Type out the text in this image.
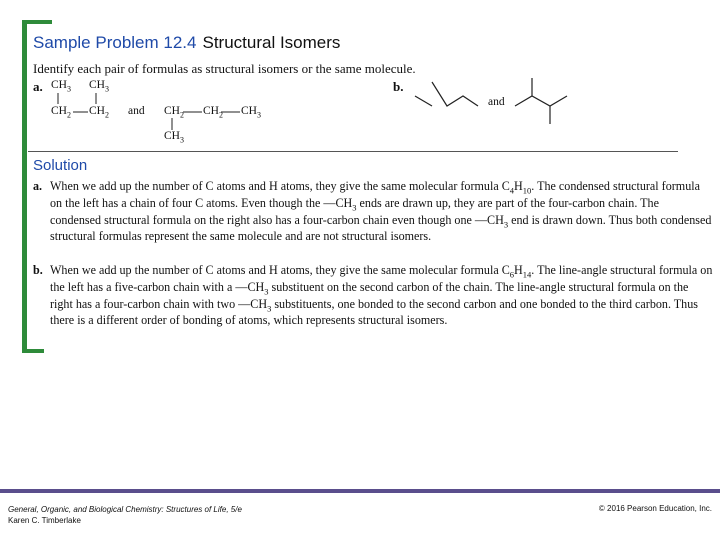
Sample Problem 12.4 Structural Isomers
Identify each pair of formulas as structural isomers or the same molecule.
a. $CH_3$ $CH_3$
$CH_2$ $CH_2$ and $CH_2$ $CH_2$ $CH_3$
$CH_3$
b.
and
Solution
a. When we add up the number of C atoms and H atoms, they give the same molecular formula $C_4H_{10}$. The condensed structural formula on the left has a chain of four C atoms. Even though the $—CH_3$ ends are drawn up, they are part of the four-carbon chain. The condensed structural formula on the right also has a four-carbon chain even though one $—CH_3$ end is drawn down. Thus both condensed structural formulas represent the same molecule and are not structural isomers.
b. When we add up the number of C atoms and H atoms, they give the same molecular formula $C_6H_{14}$. The line-angle structural formula on the left has a five-carbon chain with a $—CH_3$ substituent on the second carbon of the chain. The line-angle structural formula on the right has a four-carbon chain with two $—CH_3$ substituents, one bonded to the second carbon and one bonded to the third carbon. Thus there is a different order of bonding of atoms, which represents structural isomers.
General, Organic, and Biological Chemistry: Structures of Life, 5/e
Karen C. Timberlake
© 2016 Pearson Education, Inc.
